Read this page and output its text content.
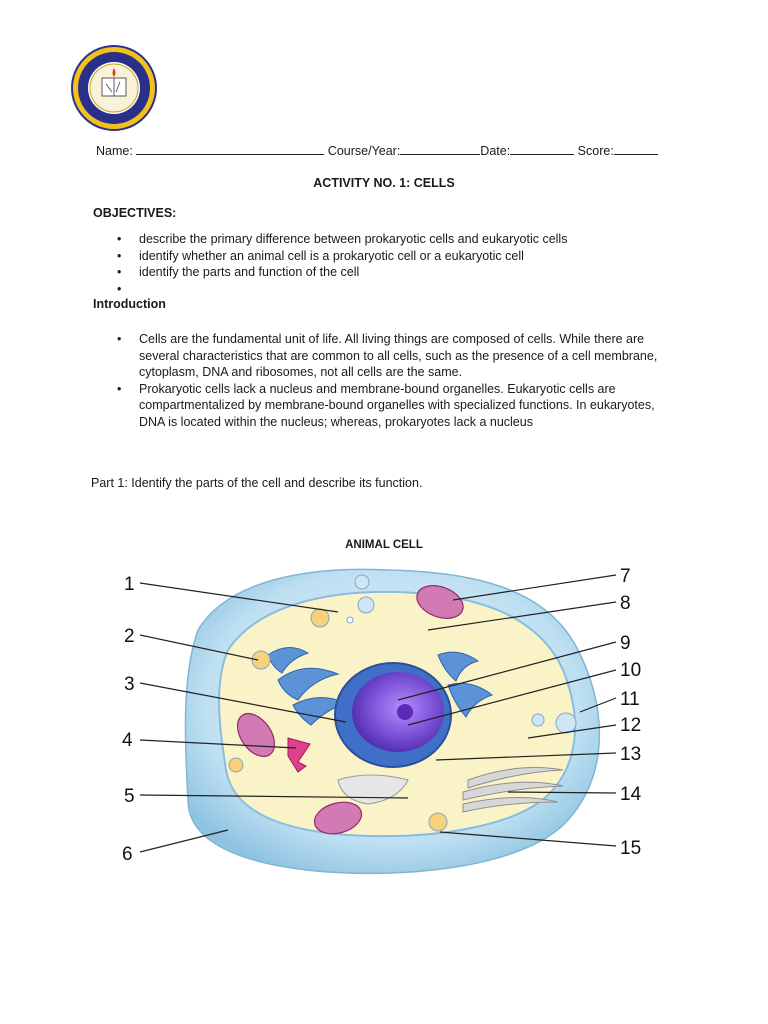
Name:	Course/Year:	Date:	Score:
ACTIVITY NO. 1: CELLS
OBJECTIVES:
• describe the primary difference between prokaryotic cells and eukaryotic cells
• identify whether an animal cell is a prokaryotic cell or a eukaryotic cell
• identify the parts and function of the cell
•
Introduction
• Cells are the fundamental unit of life. All living things are composed of cells. While there are several characteristics that are common to all cells, such as the presence of a cell membrane, cytoplasm, DNA and ribosomes, not all cells are the same.
• Prokaryotic cells lack a nucleus and membrane-bound organelles. Eukaryotic cells are compartmentalized by membrane-bound organelles with specialized functions. In eukaryotes, DNA is located within the nucleus; whereas, prokaryotes lack a nucleus
Part 1: Identify the parts of the cell and describe its function.
ANIMAL CELL
1
2
3
4
5
6
7
8
9
10
11
12
13
14
15
